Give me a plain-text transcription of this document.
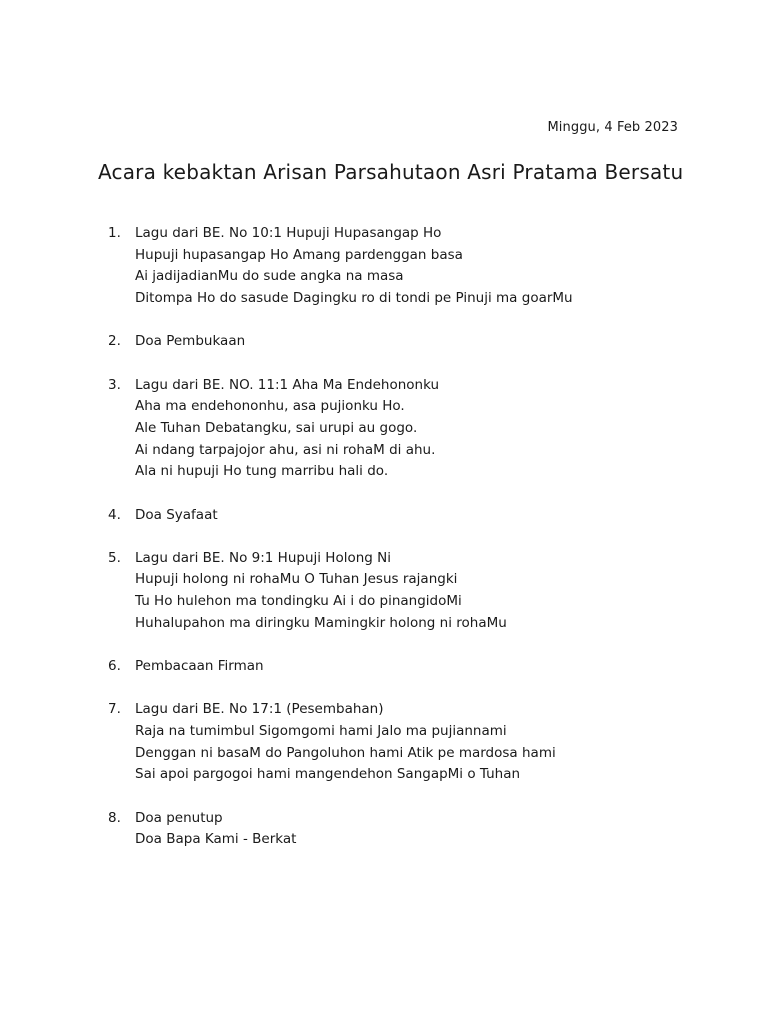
Minggu, 4 Feb 2023
Acara kebaktan Arisan Parsahutaon Asri Pratama Bersatu
1. Lagu dari BE. No 10:1 Hupuji Hupasangap Ho
Hupuji hupasangap Ho Amang pardenggan basa
Ai jadijadianMu do sude angka na masa
Ditompa Ho do sasude Dagingku ro di tondi pe Pinuji ma goarMu
2. Doa Pembukaan
3. Lagu dari BE. NO. 11:1 Aha Ma Endehononku
Aha ma endehononhu, asa pujionku Ho.
Ale Tuhan Debatangku, sai urupi au gogo.
Ai ndang tarpajojor ahu, asi ni rohaM di ahu.
Ala ni hupuji Ho tung marribu hali do.
4. Doa Syafaat
5. Lagu dari BE. No 9:1 Hupuji Holong Ni
Hupuji holong ni rohaMu O Tuhan Jesus rajangki
Tu Ho hulehon ma tondingku Ai i do pinangidoMi
Huhalupahon ma diringku Mamingkir holong ni rohaMu
6. Pembacaan Firman
7. Lagu dari BE. No 17:1 (Pesembahan)
Raja na tumimbul Sigomgomi hami Jalo ma pujiannami
Denggan ni basaM do Pangoluhon hami Atik pe mardosa hami
Sai apoi pargogoi hami mangendehon SangapMi o Tuhan
8. Doa penutup
Doa Bapa Kami - Berkat
